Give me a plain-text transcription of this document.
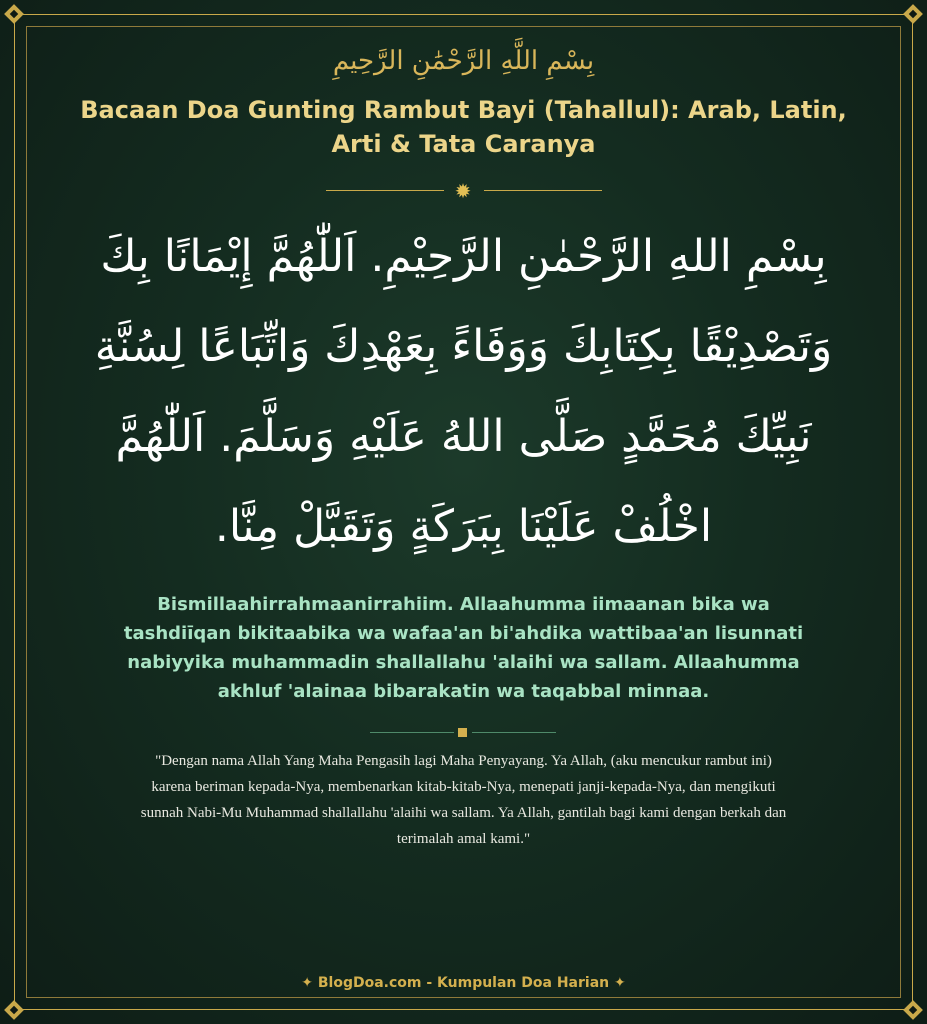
بِسْمِ اللَّهِ الرَّحْمَٰنِ الرَّحِيمِ
Bacaan Doa Gunting Rambut Bayi (Tahallul): Arab, Latin, Arti & Tata Caranya
✹
بِسْمِ اللهِ الرَّحْمٰنِ الرَّحِيْمِ. اَللّٰهُمَّ إِيْمَانًا بِكَ
وَتَصْدِيْقًا بِكِتَابِكَ وَوَفَاءً بِعَهْدِكَ وَاتِّبَاعًا لِسُنَّةِ
نَبِيِّكَ مُحَمَّدٍ صَلَّى اللهُ عَلَيْهِ وَسَلَّمَ. اَللّٰهُمَّ
اخْلُفْ عَلَيْنَا بِبَرَكَةٍ وَتَقَبَّلْ مِنَّا.
Bismillaahirrahmaanirrahiim. Allaahumma iimaanan bika wa
tashdiīqan bikitaabika wa wafaa'an bi'ahdika wattibaa'an lisunnati
nabiyyika muhammadin shallallahu 'alaihi wa sallam. Allaahumma
akhluf 'alainaa bibarakatin wa taqabbal minnaa.
"Dengan nama Allah Yang Maha Pengasih lagi Maha Penyayang. Ya Allah, (aku mencukur rambut ini)
karena beriman kepada-Nya, membenarkan kitab-kitab-Nya, menepati janji-kepada-Nya, dan mengikuti
sunnah Nabi-Mu Muhammad shallallahu 'alaihi wa sallam. Ya Allah, gantilah bagi kami dengan berkah dan
terimalah amal kami."
✦ BlogDoa.com - Kumpulan Doa Harian ✦
